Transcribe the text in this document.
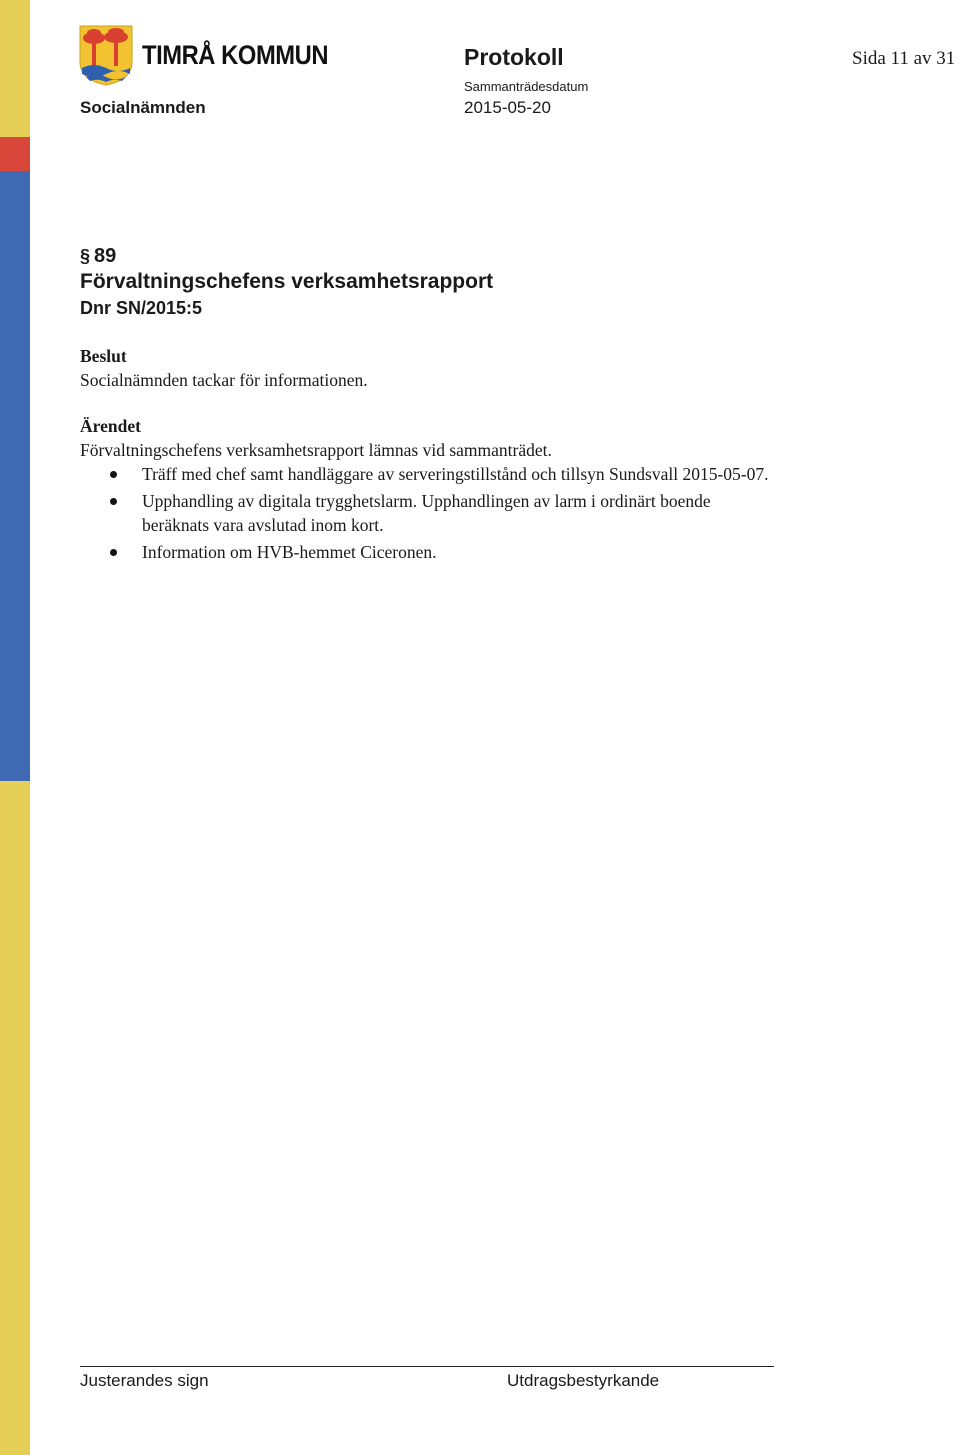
TIMRÅ KOMMUN	Protokoll	Sida 11 av 31
Sammanträdesdatum
Socialnämnden	2015-05-20
§ 89
Förvaltningschefens verksamhetsrapport
Dnr SN/2015:5
Beslut
Socialnämnden tackar för informationen.
Ärendet
Förvaltningschefens verksamhetsrapport lämnas vid sammanträdet.
Träff med chef samt handläggare av serveringstillstånd och tillsyn Sundsvall 2015-05-07.
Upphandling av digitala trygghetslarm. Upphandlingen av larm i ordinärt boende beräknats vara avslutad inom kort.
Information om HVB-hemmet Ciceronen.
Justerandes sign	Utdragsbestyrkande
